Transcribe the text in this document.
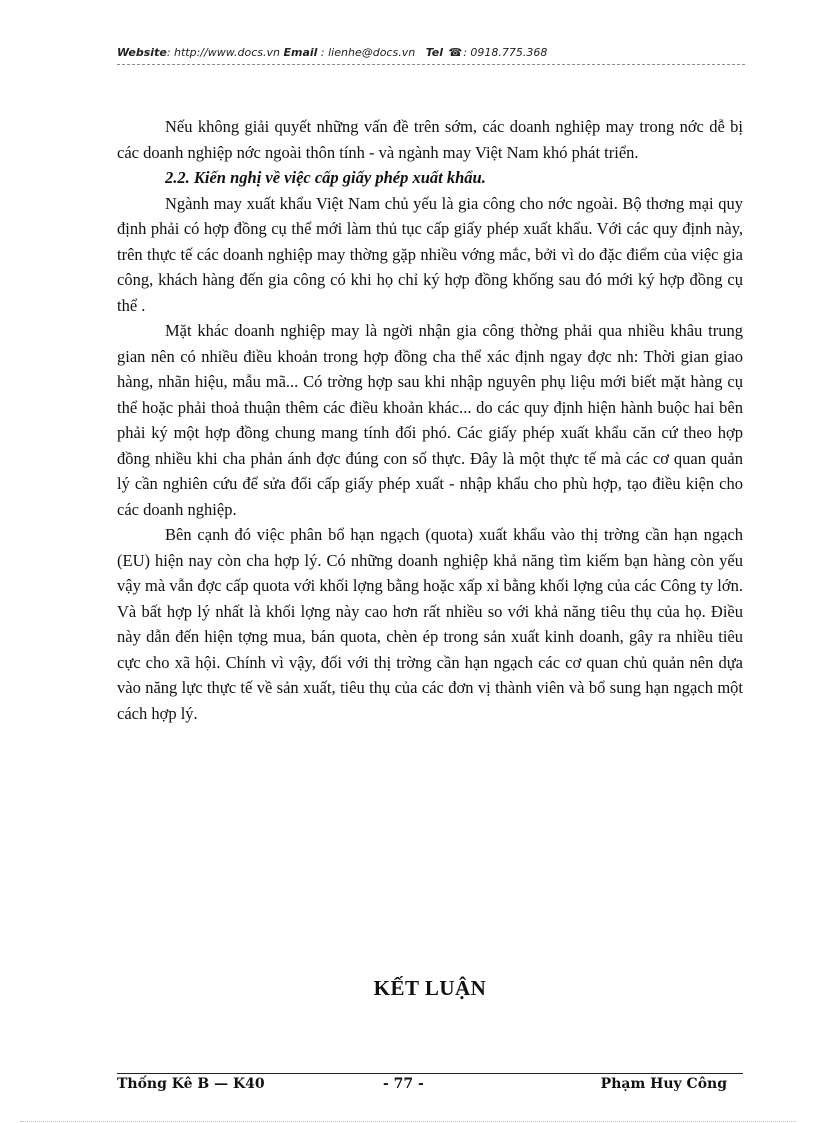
Website: http://www.docs.vn Email : lienhe@docs.vn Tel ☎: 0918.775.368

Nếu không giải quyết những vấn đề trên sớm, các doanh nghiệp may trong nớc dễ bị các doanh nghiệp nớc ngoài thôn tính - và ngành may Việt Nam khó phát triển.

2.2. Kiến nghị về việc cấp giấy phép xuất khẩu.

Ngành may xuất khẩu Việt Nam chủ yếu là gia công cho nớc ngoài. Bộ thơng mại quy định phải có hợp đồng cụ thể mới làm thủ tục cấp giấy phép xuất khẩu. Với các quy định này, trên thực tế các doanh nghiệp may thờng gặp nhiều vớng mắc, bởi vì do đặc điểm của việc gia công, khách hàng đến gia công có khi họ chỉ ký hợp đồng khống sau đó mới ký hợp đồng cụ thể .

Mặt khác doanh nghiệp may là ngời nhận gia công thờng phải qua nhiều khâu trung gian nên có nhiều điều khoản trong hợp đồng cha thể xác định ngay đợc nh: Thời gian giao hàng, nhãn hiệu, mẫu mã... Có trờng hợp sau khi nhập nguyên phụ liệu mới biết mặt hàng cụ thể hoặc phải thoả thuận thêm các điều khoản khác... do các quy định hiện hành buộc hai bên phải ký một hợp đồng chung mang tính đối phó. Các giấy phép xuất khẩu căn cứ theo hợp đồng nhiều khi cha phản ánh đợc đúng con số thực. Đây là một thực tế mà các cơ quan quản lý cần nghiên cứu để sửa đổi cấp giấy phép xuất - nhập khẩu cho phù hợp, tạo điều kiện cho các doanh nghiệp.

Bên cạnh đó việc phân bổ hạn ngạch (quota) xuất khẩu vào thị trờng cần hạn ngạch (EU) hiện nay còn cha hợp lý. Có những doanh nghiệp khả năng tìm kiếm bạn hàng còn yếu vậy mà vẫn đợc cấp quota với khối lợng bằng hoặc xấp xỉ bằng khối lợng của các Công ty lớn. Và bất hợp lý nhất là khối lợng này cao hơn rất nhiều so với khả năng tiêu thụ của họ. Điều này dẫn đến hiện tợng mua, bán quota, chèn ép trong sản xuất kinh doanh, gây ra nhiều tiêu cực cho xã hội. Chính vì vậy, đối với thị trờng cần hạn ngạch các cơ quan chủ quản nên dựa vào năng lực thực tế về sản xuất, tiêu thụ của các đơn vị thành viên và bổ sung hạn ngạch một cách hợp lý.

KẾT LUẬN
Thống Kê B — K40	- 77 -	Phạm Huy Công
